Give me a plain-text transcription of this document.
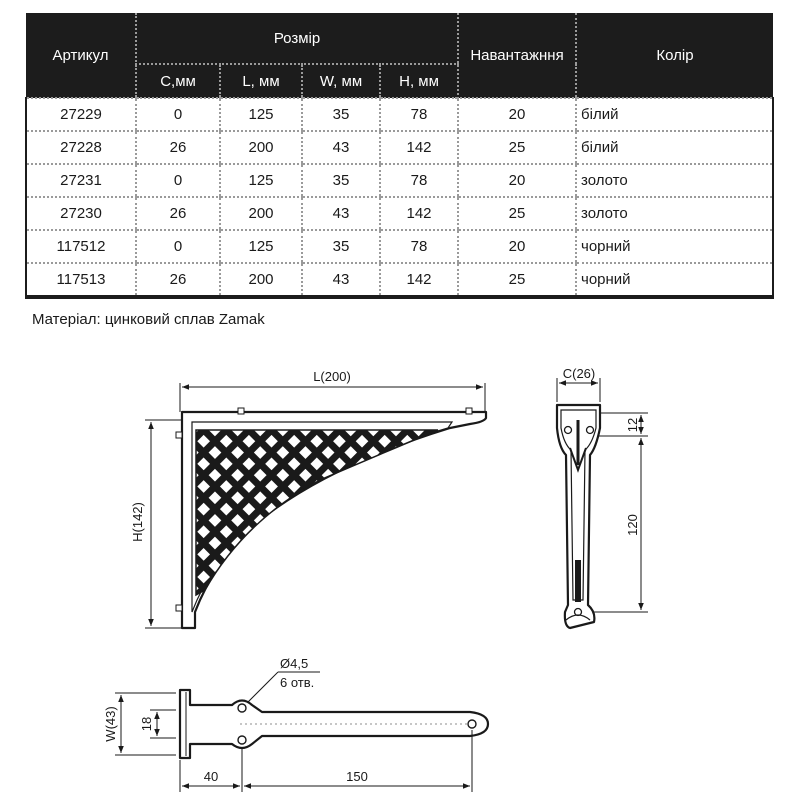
Артикул	Розмір				Навантажння	Колір
	C,мм	L, мм	W, мм	H, мм		
27229	0	125	35	78	20	білий
27228	26	200	43	142	25	білий
27231	0	125	35	78	20	золото
27230	26	200	43	142	25	золото
117512	0	125	35	78	20	чорний
117513	26	200	43	142	25	чорний
Матеріал: цинковий сплав Zamak
L(200)
H(142)
C(26)
12
120
Ø4,5
6 отв.
W(43) 18
40	150
